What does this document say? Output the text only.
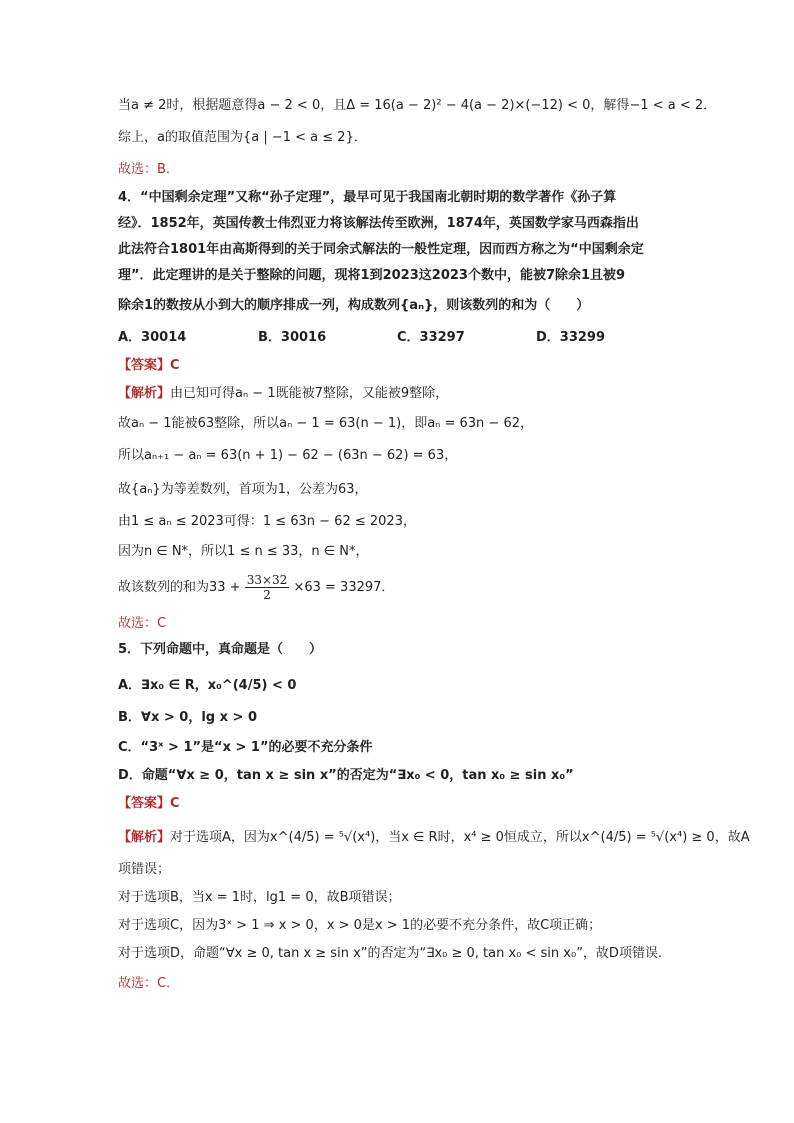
当a ≠ 2时，根据题意得a − 2 < 0，且Δ = 16(a − 2)² − 4(a − 2)×(−12) < 0，解得−1 < a < 2．
综上，a的取值范围为{a | −1 < a ≤ 2}．
故选：B．
4．“中国剩余定理”又称“孙子定理”，最早可见于我国南北朝时期的数学著作《孙子算
经》．1852年，英国传教士伟烈亚力将该解法传至欧洲，1874年，英国数学家马西森指出
此法符合1801年由高斯得到的关于同余式解法的一般性定理，因而西方称之为“中国剩余定
理”．此定理讲的是关于整除的问题，现将1到2023这2023个数中，能被7除余1且被9
除余1的数按从小到大的顺序排成一列，构成数列{aₙ}，则该数列的和为（　　）
A．30014	B．30016	C．33297	D．33299
【答案】C
【解析】由已知可得aₙ − 1既能被7整除，又能被9整除，
故aₙ − 1能被63整除，所以aₙ − 1 = 63(n − 1)，即aₙ = 63n − 62，
所以aₙ₊₁ − aₙ = 63(n + 1) − 62 − (63n − 62) = 63，
故{aₙ}为等差数列，首项为1，公差为63，
由1 ≤ aₙ ≤ 2023可得：1 ≤ 63n − 62 ≤ 2023，
因为n ∈ N*，所以1 ≤ n ≤ 33，n ∈ N*，
故该数列的和为$33 + \frac{33\times 32}{2} \times 63 = 33297$．
故选：C
5．下列命题中，真命题是（　　）
A．∃x₀ ∈ R，x₀^(4/5) < 0
B．∀x > 0，lg x > 0
C．“3ˣ > 1”是“x > 1”的必要不充分条件
D．命题“∀x ≥ 0，tan x ≥ sin x”的否定为“∃x₀ < 0，tan x₀ ≥ sin x₀”
【答案】C
【解析】对于选项A，因为x^(4/5) = ⁵√(x⁴)，当x ∈ R时，x⁴ ≥ 0恒成立，所以x^(4/5) = ⁵√(x⁴) ≥ 0，故A
项错误；
对于选项B，当x = 1时，lg1 = 0，故B项错误；
对于选项C，因为3ˣ > 1 ⇒ x > 0，x > 0是x > 1的必要不充分条件，故C项正确；
对于选项D，命题“∀x ≥ 0, tan x ≥ sin x”的否定为“∃x₀ ≥ 0, tan x₀ < sin x₀”，故D项错误．
故选：C．
